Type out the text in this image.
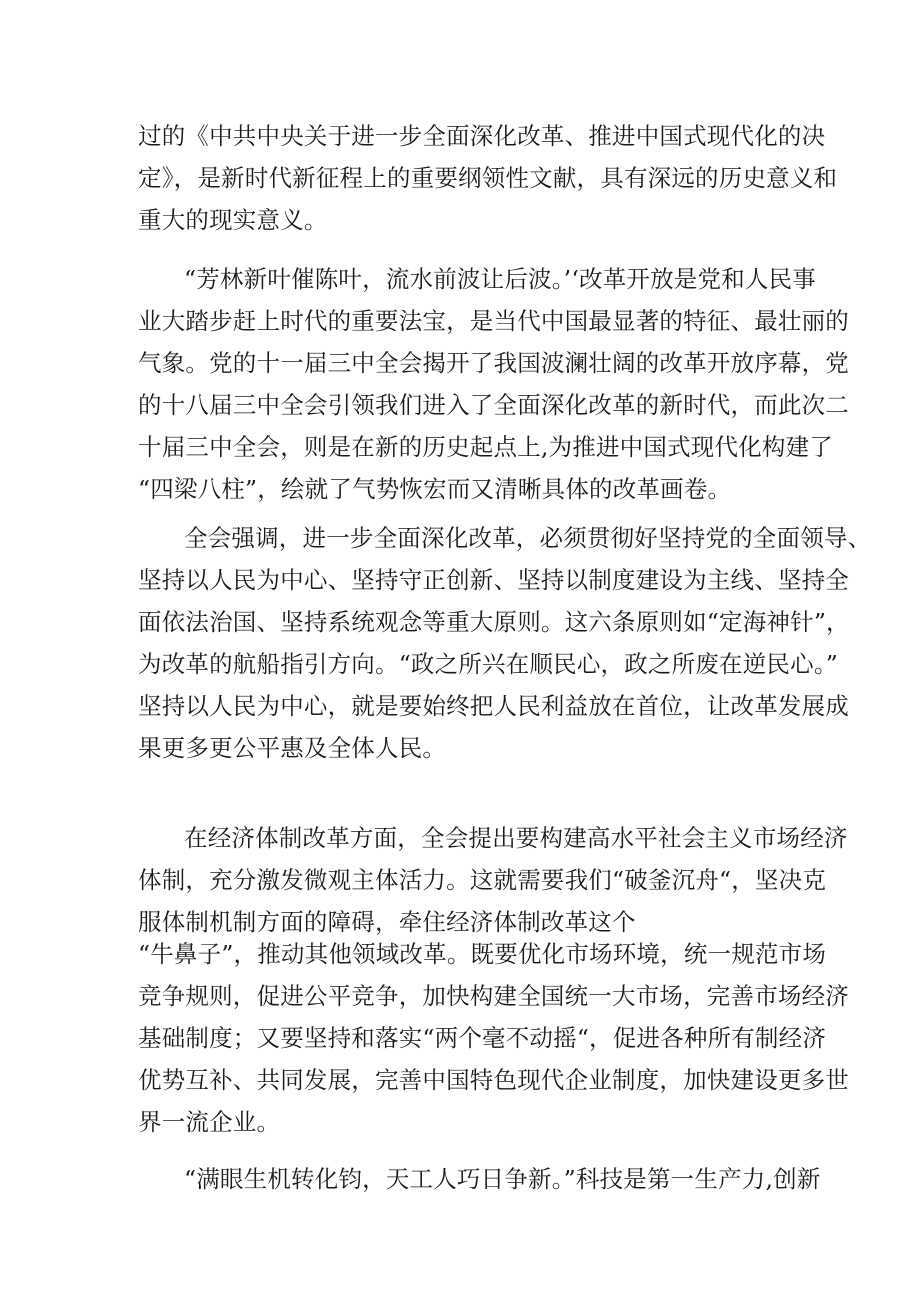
过的《中共中央关于进一步全面深化改革、推进中国式现代化的决
定》，是新时代新征程上的重要纲领性文献，具有深远的历史意义和
重大的现实意义。

“芳林新叶催陈叶，流水前波让后波。’‘改革开放是党和人民事
业大踏步赶上时代的重要法宝，是当代中国最显著的特征、最壮丽的
气象。党的十一届三中全会揭开了我国波澜壮阔的改革开放序幕，党
的十八届三中全会引领我们进入了全面深化改革的新时代，而此次二
十届三中全会，则是在新的历史起点上,为推进中国式现代化构建了
“四梁八柱”，绘就了气势恢宏而又清晰具体的改革画卷。

全会强调，进一步全面深化改革，必须贯彻好坚持党的全面领导、
坚持以人民为中心、坚持守正创新、坚持以制度建设为主线、坚持全
面依法治国、坚持系统观念等重大原则。这六条原则如“定海神针”，
为改革的航船指引方向。“政之所兴在顺民心，政之所废在逆民心。”
坚持以人民为中心，就是要始终把人民利益放在首位，让改革发展成
果更多更公平惠及全体人民。

在经济体制改革方面，全会提出要构建高水平社会主义市场经济
体制，充分激发微观主体活力。这就需要我们“破釜沉舟“，坚决克
服体制机制方面的障碍，牵住经济体制改革这个

“牛鼻子”，推动其他领域改革。既要优化市场环境，统一规范市场
竞争规则，促进公平竞争，加快构建全国统一大市场，完善市场经济
基础制度；又要坚持和落实“两个毫不动摇“，促进各种所有制经济
优势互补、共同发展，完善中国特色现代企业制度，加快建设更多世
界一流企业。

“满眼生机转化钧，天工人巧日争新。”科技是第一生产力,创新
